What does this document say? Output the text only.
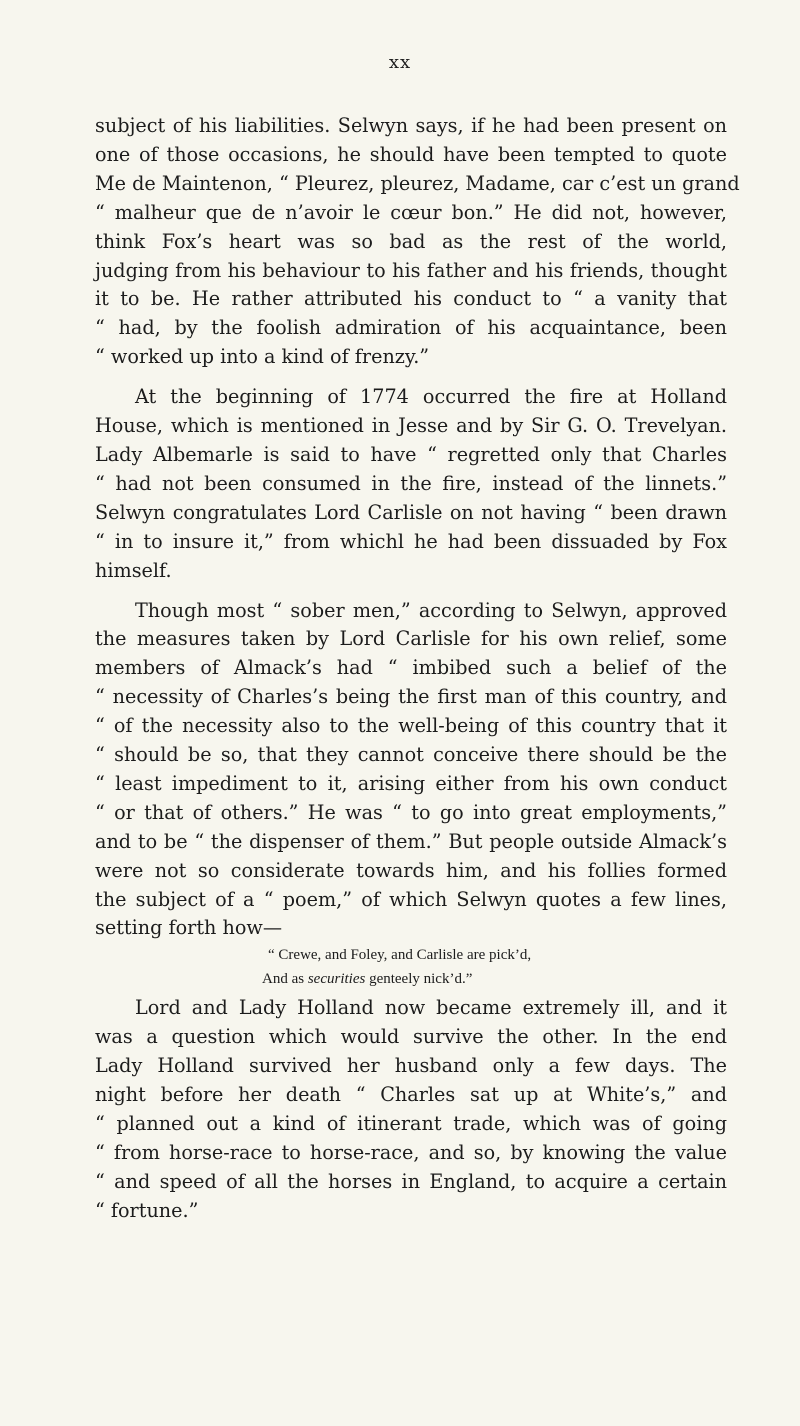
xx

subject of his liabilities. Selwyn says, if he had been present on
one of those occasions, he should have been tempted to quote
Me de Maintenon, “ Pleurez, pleurez, Madame, car c’est un grand
“ malheur que de n’avoir le cœur bon.” He did not, however,
think Fox’s heart was so bad as the rest of the world,
judging from his behaviour to his father and his friends, thought
it to be. He rather attributed his conduct to “ a vanity that
“ had, by the foolish admiration of his acquaintance, been
“ worked up into a kind of frenzy.”

At the beginning of 1774 occurred the fire at Holland
House, which is mentioned in Jesse and by Sir G. O. Trevelyan.
Lady Albemarle is said to have “ regretted only that Charles
“ had not been consumed in the fire, instead of the linnets.”
Selwyn congratulates Lord Carlisle on not having “ been drawn
“ in to insure it,” from whichl he had been dissuaded by Fox
himself.

Though most “ sober men,” according to Selwyn, approved
the measures taken by Lord Carlisle for his own relief, some
members of Almack’s had “ imbibed such a belief of the
“ necessity of Charles’s being the first man of this country, and
“ of the necessity also to the well-being of this country that it
“ should be so, that they cannot conceive there should be the
“ least impediment to it, arising either from his own conduct
“ or that of others.” He was “ to go into great employments,”
and to be “ the dispenser of them.” But people outside Almack’s
were not so considerate towards him, and his follies formed
the subject of a “ poem,” of which Selwyn quotes a few lines,
setting forth how—

“ Crewe, and Foley, and Carlisle are pick’d,
And as securities genteely nick’d.”

Lord and Lady Holland now became extremely ill, and it
was a question which would survive the other. In the end
Lady Holland survived her husband only a few days. The
night before her death “ Charles sat up at White’s,” and
“ planned out a kind of itinerant trade, which was of going
“ from horse-race to horse-race, and so, by knowing the value
“ and speed of all the horses in England, to acquire a certain
“ fortune.”
